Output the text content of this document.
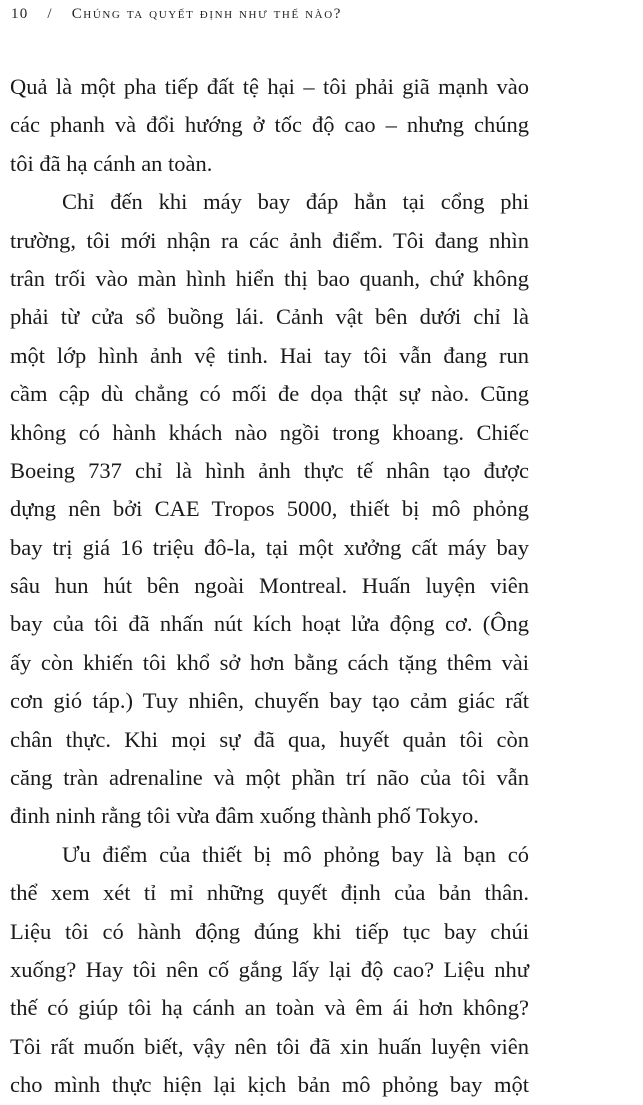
10 / Chúng ta quyết định như thế nào?
Quả là một pha tiếp đất tệ hại – tôi phải giã mạnh vào
các phanh và đổi hướng ở tốc độ cao – nhưng chúng
tôi đã hạ cánh an toàn.
Chỉ đến khi máy bay đáp hẳn tại cổng phi
trường, tôi mới nhận ra các ảnh điểm. Tôi đang nhìn
trân trối vào màn hình hiển thị bao quanh, chứ không
phải từ cửa sổ buồng lái. Cảnh vật bên dưới chỉ là
một lớp hình ảnh vệ tinh. Hai tay tôi vẫn đang run
cầm cập dù chẳng có mối đe dọa thật sự nào. Cũng
không có hành khách nào ngồi trong khoang. Chiếc
Boeing 737 chỉ là hình ảnh thực tế nhân tạo được
dựng nên bởi CAE Tropos 5000, thiết bị mô phỏng
bay trị giá 16 triệu đô-la, tại một xưởng cất máy bay
sâu hun hút bên ngoài Montreal. Huấn luyện viên
bay của tôi đã nhấn nút kích hoạt lửa động cơ. (Ông
ấy còn khiến tôi khổ sở hơn bằng cách tặng thêm vài
cơn gió táp.) Tuy nhiên, chuyến bay tạo cảm giác rất
chân thực. Khi mọi sự đã qua, huyết quản tôi còn
căng tràn adrenaline và một phần trí não của tôi vẫn
đinh ninh rằng tôi vừa đâm xuống thành phố Tokyo.
Ưu điểm của thiết bị mô phỏng bay là bạn có
thể xem xét tỉ mỉ những quyết định của bản thân.
Liệu tôi có hành động đúng khi tiếp tục bay chúi
xuống? Hay tôi nên cố gắng lấy lại độ cao? Liệu như
thế có giúp tôi hạ cánh an toàn và êm ái hơn không?
Tôi rất muốn biết, vậy nên tôi đã xin huấn luyện viên
cho mình thực hiện lại kịch bản mô phỏng bay một
